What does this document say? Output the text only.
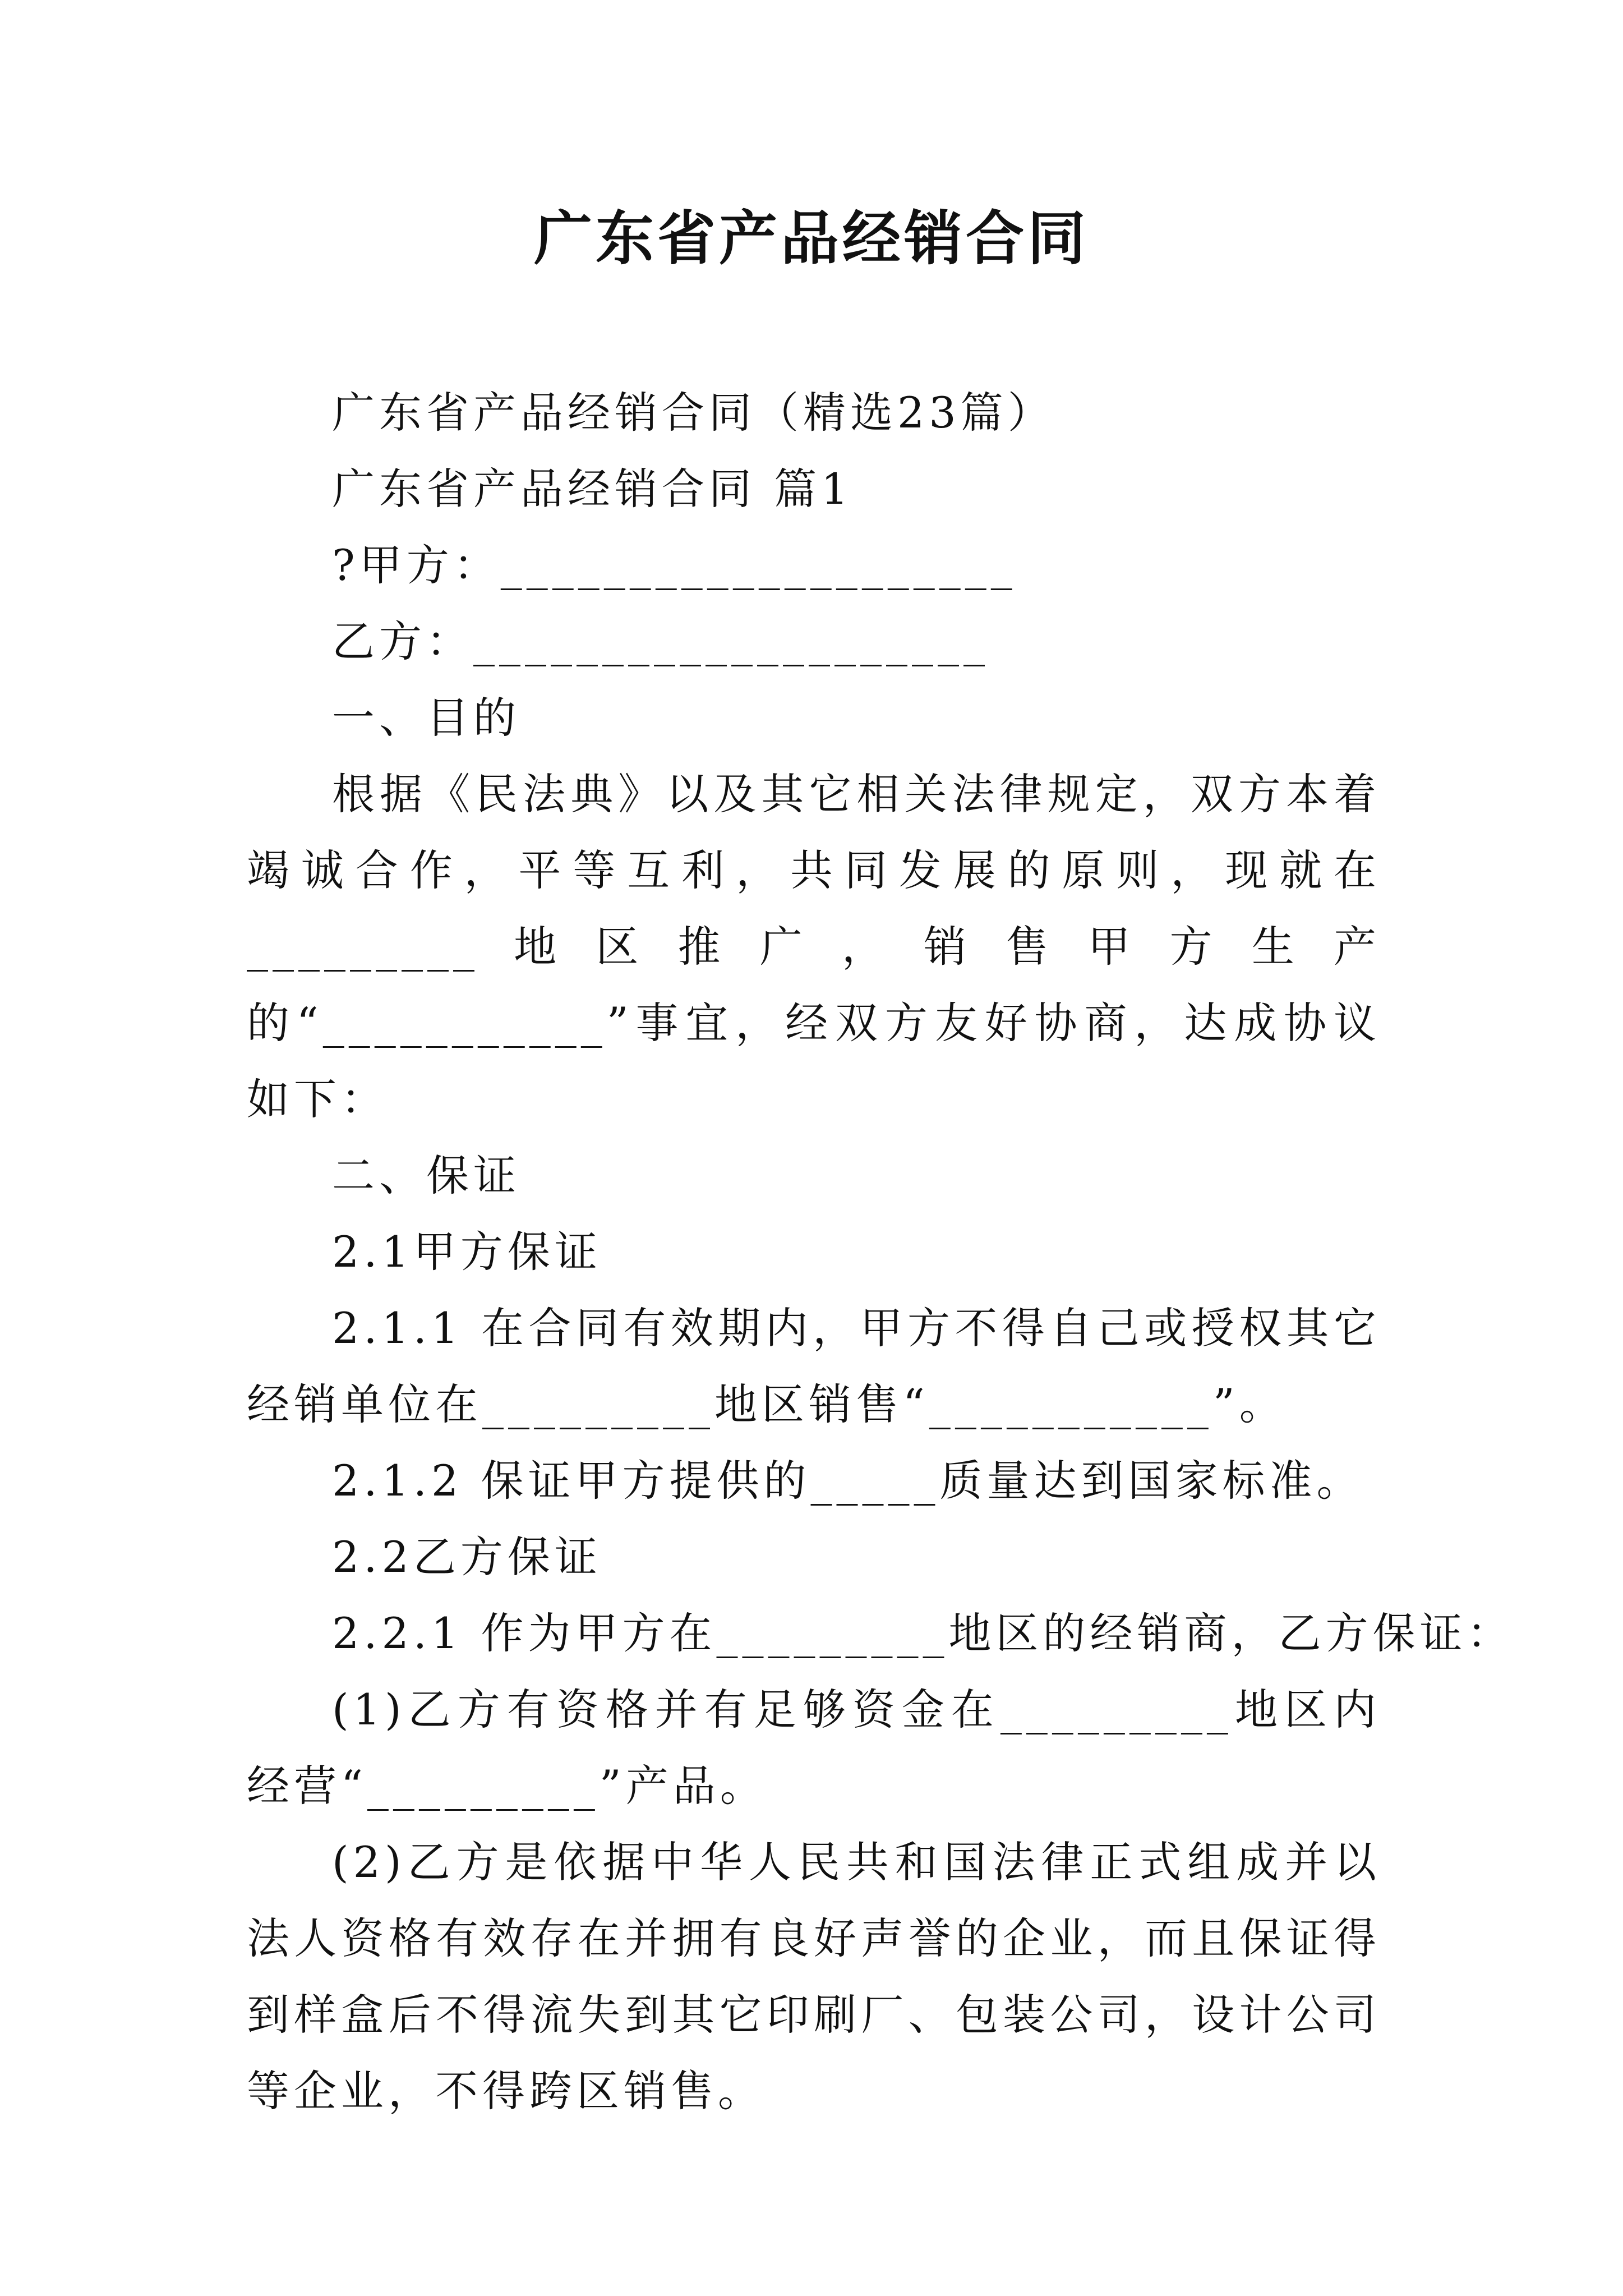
广东省产品经销合同

广东省产品经销合同（精选23篇）

广东省产品经销合同 篇1

?甲方：____________________

乙方：____________________

一、目的

根据《民法典》以及其它相关法律规定，双方本着竭诚合作，平等互利，共同发展的原则，现就在_________地区推广，销售甲方生产的“___________”事宜，经双方友好协商，达成协议如下：

二、保证

2.1甲方保证

2.1.1 在合同有效期内，甲方不得自己或授权其它经销单位在_________地区销售“___________”。

2.1.2 保证甲方提供的_____质量达到国家标准。

2.2乙方保证

2.2.1 作为甲方在_________地区的经销商，乙方保证：

(1)乙方有资格并有足够资金在_________地区内经营“_________”产品。

(2)乙方是依据中华人民共和国法律正式组成并以法人资格有效存在并拥有良好声誉的企业，而且保证得到样盒后不得流失到其它印刷厂、包装公司，设计公司等企业，不得跨区销售。
